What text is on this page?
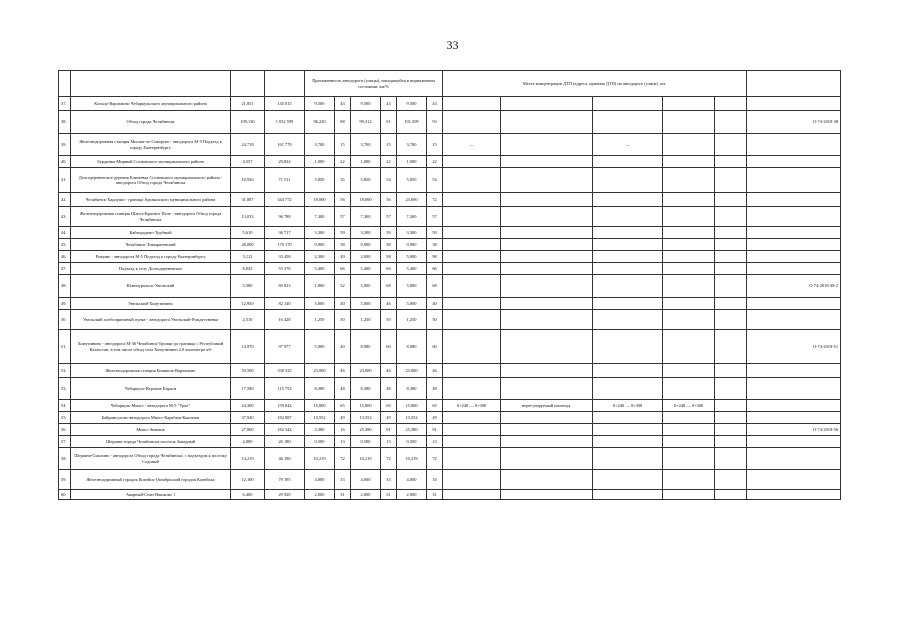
33
				Протяженность автодороги (улицы), находящейся в нормативном состоянии, км/%						Места концентрации ДТП (адреса, причина ДТП) на автодороге (улице), шт.					
37.	Кольцо-Варламово Чебаркульского муниципального района	21,851	145 015	9,500	43	9,500	43	9,500	43						
38.	Обход города Челябинска	109,130	1 052 599	96,230	88	99,312	91	101,509	93						О-74-2018-38
39.	Железнодорожная станция Мисяш-по-Сикорско - автодорога М-5 Подъезд к городу Екатеринбургу	24,718	161 779	3,700	15	3,700	15	3,700	15	—		—			
40.	Бурдинка-Мирный Сосновского муниципального района	4,557	29,824	1,000	22	1,000	22	1,000	22						
41.	Долгодеревенское-деревня Ключевка Сосновского муниципального района - автодорога Обход города Челябинска	10,926	71 511	5,850	35	5,850	54	5,850	54						
42.	Челябинск-Харлуши - граница Аргаяшского муниципального района	31,887	344 772	18,000	56	18,000	56	23,000	72						
43.	Железнодорожная станция Шагол-Красное Поле - автодорога Обход города Челябинска	13,033	96 788	7,300	57	7,300	57	7,300	57						
44.	Кайгородово-Трубный	5,610	36 717	3,300	59	3,300	59	3,300	59						
45.	Челябинск-Тимирязевский	26,000	170 170	9,900	38	9,900	38	9,900	38						
46.	Рощино - автодорога М-5 Подъезд к городу Екатеринбургу	5,112	33 458	2,300	49	2,000	98	5,000	98						
47.	Подъезд к селу Долгодеревенское	8,045	53 376	5,400	66	5,400	66	5,400	66						
48.	Южноуральск-Увельский	5,580	69 823	1,800	32	5,900	68	5,800	68						О-74-2018-48-2
49.	Увельский-Хомутинино	12,950	82 140	5,000	40	5,000	46	5,000	40						
50.	Увельский хлебоприемный пункт - автодорога Увельский-Рождественка	2,510	16 428	1,250	50	1,250	50	1,250	50						
51.	Хомутинино - автодорога М-36 Челябинск-Троицк-до границы с Республикой Казахстан, в том числе обход села Хомутинино 2,0 километра а/б	14,970	97 977	5,900	40	8,980	60	8,980	60						О-74-2018-51
52.	Железнодорожная станция Бишкиль-Варламово	50,500	330 523	23,000	46	23,000	46	23,000	46						
53.	Чебаркуль-Верхние Караси	17,580	115 752	8,380	48	8,380	48	8,380	48						
54.	Чебаркуль-Миасс - автодорога М-5 "Урал"	24,300	159 044	15,800	65	15,800	65	15,800	65	0+240 — 0+300	нерегулируемый пешеход.	0+240 — 0+300	0+240 — 0+300		
55.	Байрамгулово-автодорога Миасс-Карабаш-Кыштым	37,940	182 887	13,552	49	13,552	49	13,552	49						
56.	Миасс-Значков	27,860	182 344	4,380	16	25,380	91	25,380	91						О-74-2018-56
57.	Шершни города Челябинска-поселок Западный	4,000	26 180	0,500	13	0,500	13	0,500	13						
58.	Шершни-Смолино - автодорога Обход города Челябинска, с подъездом к поселку Садовый	14,219	46 190	10,219	72	10,219	72	10,219	72						
59.	Железнодорожный городок Копейск-Октябрьский городок Копейска	12,100	79 195	4,000	33	4,000	33	4,000	33						
60.	Аварный-Сеаи-Нашково 1	6,400	29 920	2,000	31	2,000	31	2,000	31						
